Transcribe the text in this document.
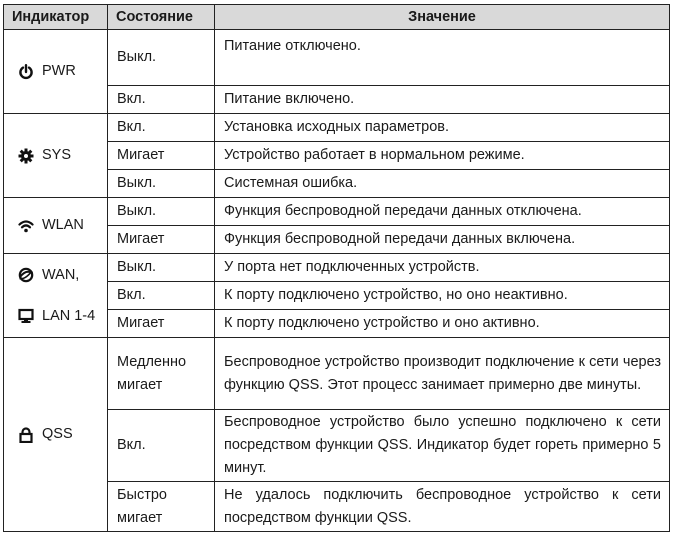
Индикатор	Состояние	Значение

PWR	Выкл.	Питание отключено.
	Вкл.	Питание включено.

SYS	Вкл.	Установка исходных параметров.
	Мигает	Устройство работает в нормальном режиме.
	Выкл.	Системная ошибка.

WLAN	Выкл.	Функция беспроводной передачи данных отключена.
	Мигает	Функция беспроводной передачи данных включена.

WAN,
LAN 1-4	Выкл.	У порта нет подключенных устройств.
	Вкл.	К порту подключено устройство, но оно неактивно.
	Мигает	К порту подключено устройство и оно активно.

QSS	Медленно мигает	Беспроводное устройство производит подключение к сети через функцию QSS. Этот процесс занимает примерно две минуты.
	Вкл.	Беспроводное устройство было успешно подключено к сети посредством функции QSS. Индикатор будет гореть примерно 5 минут.
	Быстро мигает	Не удалось подключить беспроводное устройство к сети посредством функции QSS.
